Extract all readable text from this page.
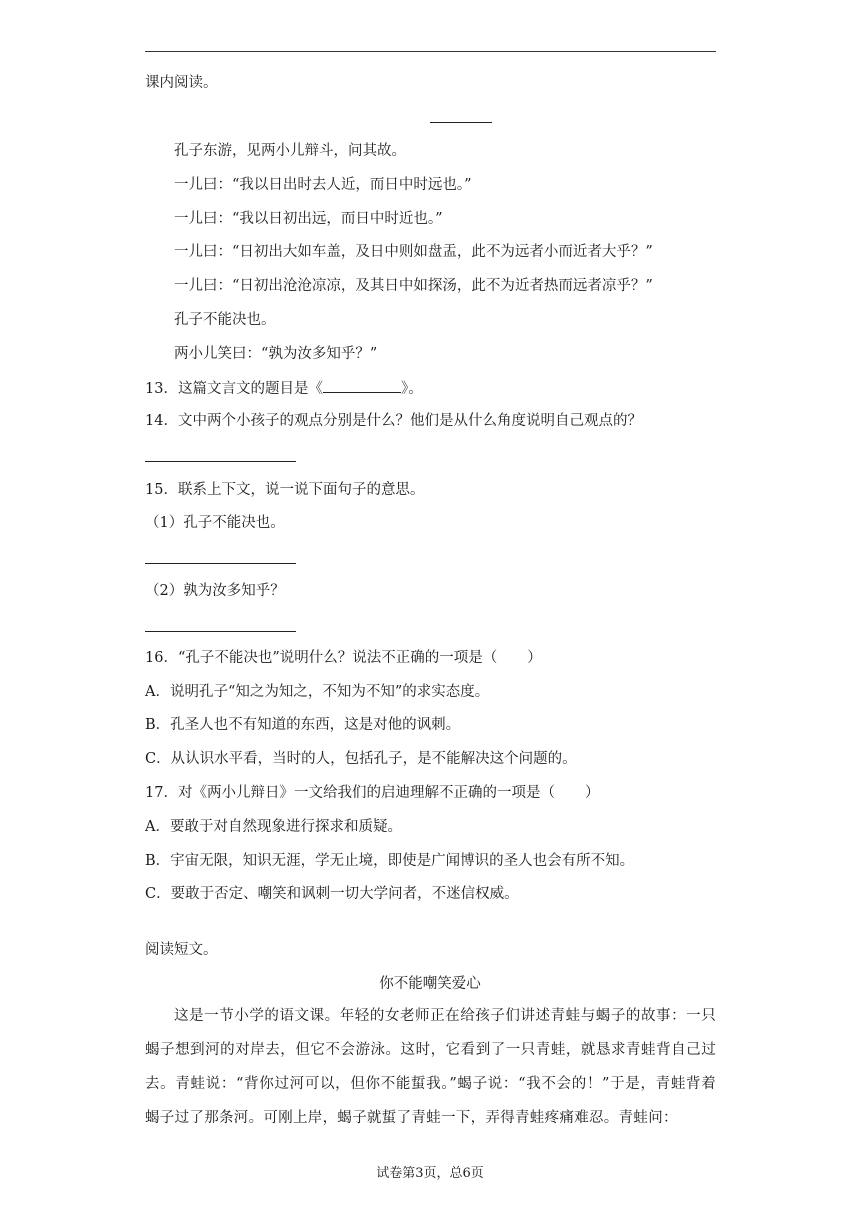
课内阅读。
孔子东游，见两小儿辩斗，问其故。
一儿曰：“我以日出时去人近，而日中时远也。”
一儿曰：“我以日初出远，而日中时近也。”
一儿曰：“日初出大如车盖，及日中则如盘盂，此不为远者小而近者大乎？”
一儿曰：“日初出沧沧凉凉，及其日中如探汤，此不为近者热而远者凉乎？”
孔子不能决也。
两小儿笑曰：“孰为汝多知乎？”
13．这篇文言文的题目是《	》。
14．文中两个小孩子的观点分别是什么？他们是从什么角度说明自己观点的？
15．联系上下文，说一说下面句子的意思。
（1）孔子不能决也。
（2）孰为汝多知乎？
16．“孔子不能决也”说明什么？说法不正确的一项是（ ）
A．说明孔子“知之为知之，不知为不知”的求实态度。
B．孔圣人也不有知道的东西，这是对他的讽刺。
C．从认识水平看，当时的人，包括孔子，是不能解决这个问题的。
17．对《两小儿辩日》一文给我们的启迪理解不正确的一项是（ ）
A．要敢于对自然现象进行探求和质疑。
B．宇宙无限，知识无涯，学无止境，即使是广闻博识的圣人也会有所不知。
C．要敢于否定、嘲笑和讽刺一切大学问者，不迷信权威。
阅读短文。
你不能嘲笑爱心
这是一节小学的语文课。年轻的女老师正在给孩子们讲述青蛙与蝎子的故事：一只蝎子想到河的对岸去，但它不会游泳。这时，它看到了一只青蛙，就恳求青蛙背自己过去。青蛙说：“背你过河可以，但你不能蜇我。”蝎子说：“我不会的！”于是，青蛙背着蝎子过了那条河。可刚上岸，蝎子就蜇了青蛙一下，弄得青蛙疼痛难忍。青蛙问：
试卷第3页，总6页
